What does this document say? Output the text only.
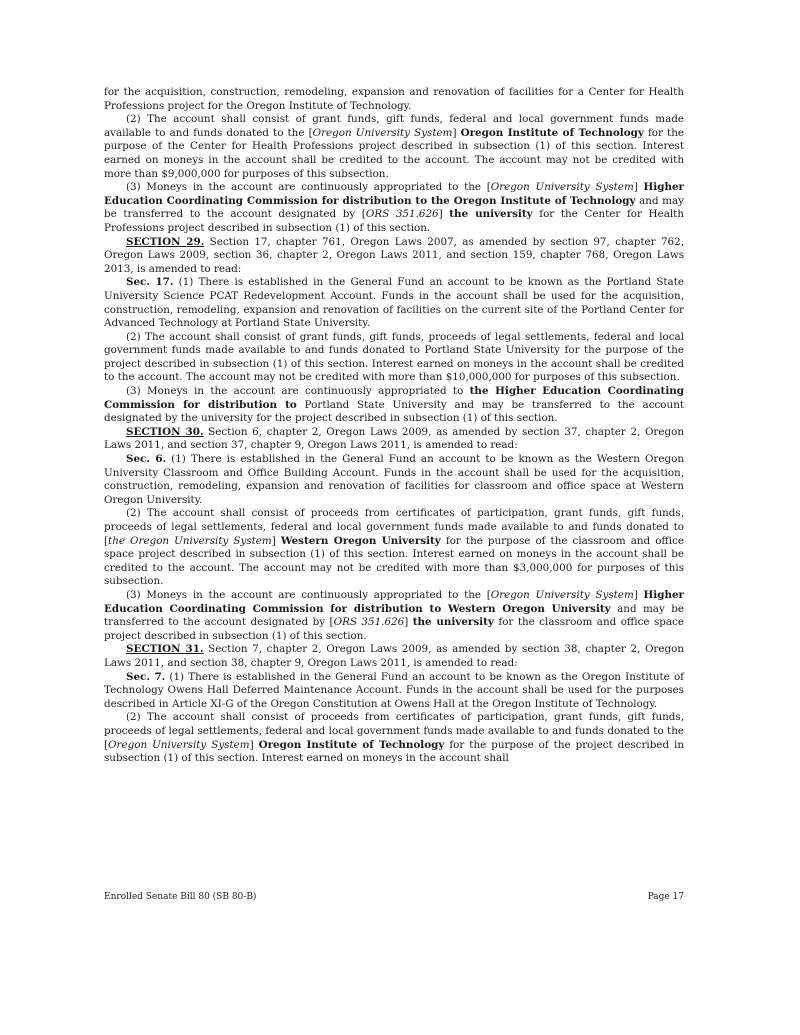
for the acquisition, construction, remodeling, expansion and renovation of facilities for a Center for Health Professions project for the Oregon Institute of Technology.

(2) The account shall consist of grant funds, gift funds, federal and local government funds made available to and funds donated to the [Oregon University System] Oregon Institute of Technology for the purpose of the Center for Health Professions project described in subsection (1) of this section. Interest earned on moneys in the account shall be credited to the account. The account may not be credited with more than $9,000,000 for purposes of this subsection.

(3) Moneys in the account are continuously appropriated to the [Oregon University System] Higher Education Coordinating Commission for distribution to the Oregon Institute of Technology and may be transferred to the account designated by [ORS 351.626] the university for the Center for Health Professions project described in subsection (1) of this section.

SECTION 29. Section 17, chapter 761, Oregon Laws 2007, as amended by section 97, chapter 762, Oregon Laws 2009, section 36, chapter 2, Oregon Laws 2011, and section 159, chapter 768, Oregon Laws 2013, is amended to read:

Sec. 17. (1) There is established in the General Fund an account to be known as the Portland State University Science PCAT Redevelopment Account. Funds in the account shall be used for the acquisition, construction, remodeling, expansion and renovation of facilities on the current site of the Portland Center for Advanced Technology at Portland State University.

(2) The account shall consist of grant funds, gift funds, proceeds of legal settlements, federal and local government funds made available to and funds donated to Portland State University for the purpose of the project described in subsection (1) of this section. Interest earned on moneys in the account shall be credited to the account. The account may not be credited with more than $10,000,000 for purposes of this subsection.

(3) Moneys in the account are continuously appropriated to the Higher Education Coordinating Commission for distribution to Portland State University and may be transferred to the account designated by the university for the project described in subsection (1) of this section.

SECTION 30. Section 6, chapter 2, Oregon Laws 2009, as amended by section 37, chapter 2, Oregon Laws 2011, and section 37, chapter 9, Oregon Laws 2011, is amended to read:

Sec. 6. (1) There is established in the General Fund an account to be known as the Western Oregon University Classroom and Office Building Account. Funds in the account shall be used for the acquisition, construction, remodeling, expansion and renovation of facilities for classroom and office space at Western Oregon University.

(2) The account shall consist of proceeds from certificates of participation, grant funds, gift funds, proceeds of legal settlements, federal and local government funds made available to and funds donated to [the Oregon University System] Western Oregon University for the purpose of the classroom and office space project described in subsection (1) of this section. Interest earned on moneys in the account shall be credited to the account. The account may not be credited with more than $3,000,000 for purposes of this subsection.

(3) Moneys in the account are continuously appropriated to the [Oregon University System] Higher Education Coordinating Commission for distribution to Western Oregon University and may be transferred to the account designated by [ORS 351.626] the university for the classroom and office space project described in subsection (1) of this section.

SECTION 31. Section 7, chapter 2, Oregon Laws 2009, as amended by section 38, chapter 2, Oregon Laws 2011, and section 38, chapter 9, Oregon Laws 2011, is amended to read:

Sec. 7. (1) There is established in the General Fund an account to be known as the Oregon Institute of Technology Owens Hall Deferred Maintenance Account. Funds in the account shall be used for the purposes described in Article XI-G of the Oregon Constitution at Owens Hall at the Oregon Institute of Technology.

(2) The account shall consist of proceeds from certificates of participation, grant funds, gift funds, proceeds of legal settlements, federal and local government funds made available to and funds donated to the [Oregon University System] Oregon Institute of Technology for the purpose of the project described in subsection (1) of this section. Interest earned on moneys in the account shall

Enrolled Senate Bill 80 (SB 80-B)	Page 17
